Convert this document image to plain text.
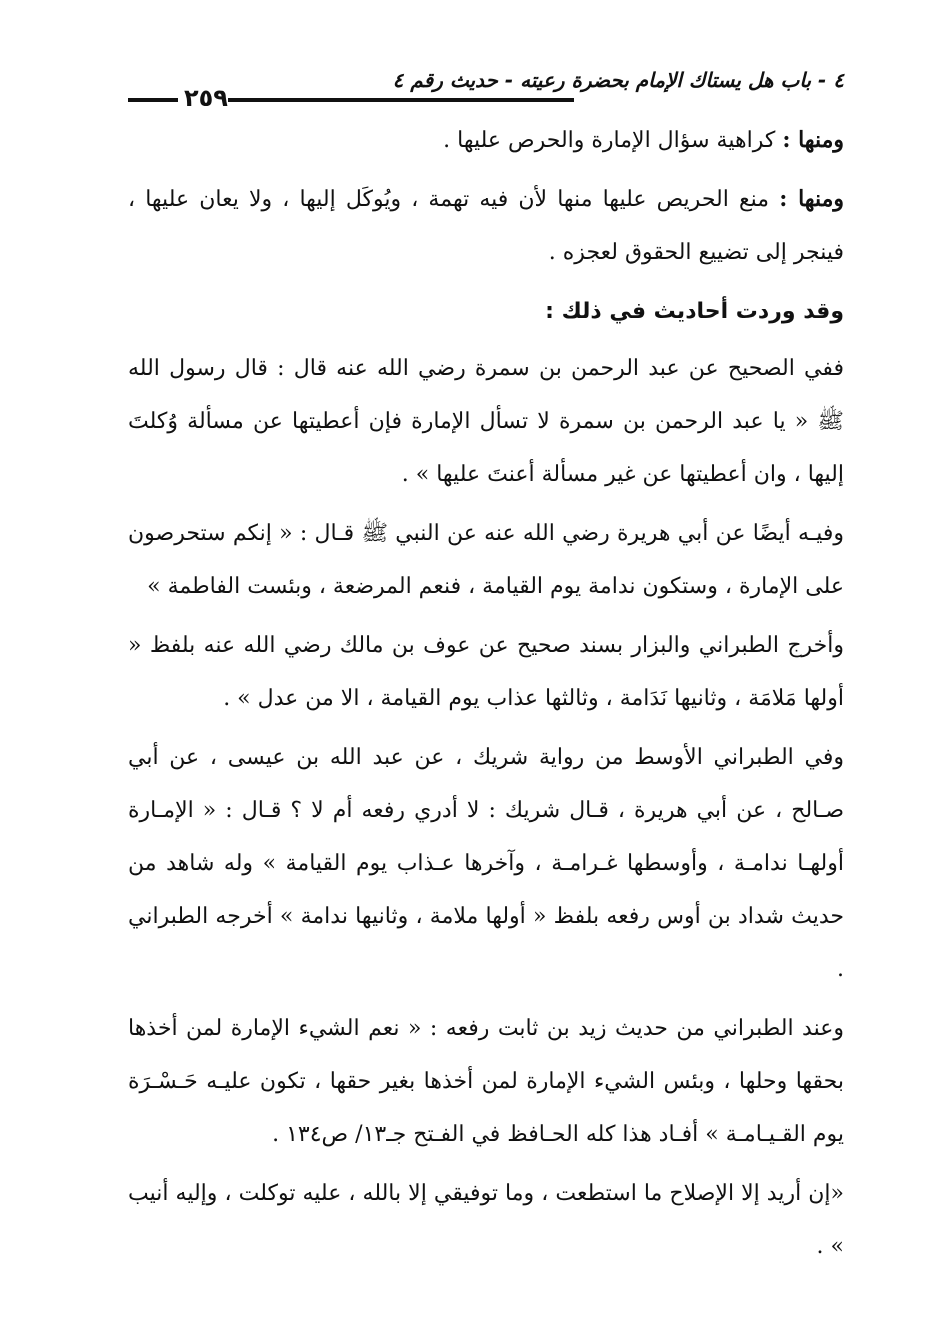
٤ - باب هل يستاك الإمام بحضرة رعيته - حديث رقم ٤
٢٥٩

ومنها : كراهية سؤال الإمارة والحرص عليها .

ومنها : منع الحريص عليها منها لأن فيه تهمة ، ويُوكَل إليها ، ولا يعان عليها ، فينجر إلى تضييع الحقوق لعجزه .

وقد وردت أحاديث في ذلك :

ففي الصحيح عن عبد الرحمن بن سمرة رضي الله عنه قال : قال رسول الله ﷺ « يا عبد الرحمن بن سمرة لا تسأل الإمارة فإن أعطيتها عن مسألة وُكلتَ إليها ، وان أعطيتها عن غير مسألة أعنتَ عليها » .

وفيـه أيضًا عن أبي هريرة رضي الله عنه عن النبي ﷺ قـال : « إنكم ستحرصون على الإمارة ، وستكون ندامة يوم القيامة ، فنعم المرضعة ، وبئست الفاطمة »

وأخرج الطبراني والبزار بسند صحيح عن عوف بن مالك رضي الله عنه بلفظ « أولها مَلامَة ، وثانيها نَدَامة ، وثالثها عذاب يوم القيامة ، الا من عدل » .

وفي الطبراني الأوسط من رواية شريك ، عن عبد الله بن عيسى ، عن أبي صـالح ، عن أبي هريرة ، قـال شريك : لا أدري رفعه أم لا ؟ قـال : « الإمـارة أولهـا ندامـة ، وأوسطها غـرامـة ، وآخرها عـذاب يوم القيامة » وله شاهد من حديث شداد بن أوس رفعه بلفظ « أولها ملامة ، وثانيها ندامة » أخرجه الطبراني .

وعند الطبراني من حديث زيد بن ثابت رفعه : « نعم الشيء الإمارة لمن أخذها بحقها وحلها ، وبئس الشيء الإمارة لمن أخذها بغير حقها ، تكون عليـه حَـسْـرَة يوم القـيـامـة » أفـاد هذا كله الحـافظ في الفـتح جـ١٣/ ص١٣٤ .

«إن أريد إلا الإصلاح ما استطعت ، وما توفيقي إلا بالله ، عليه توكلت ، وإليه أنيب » .
